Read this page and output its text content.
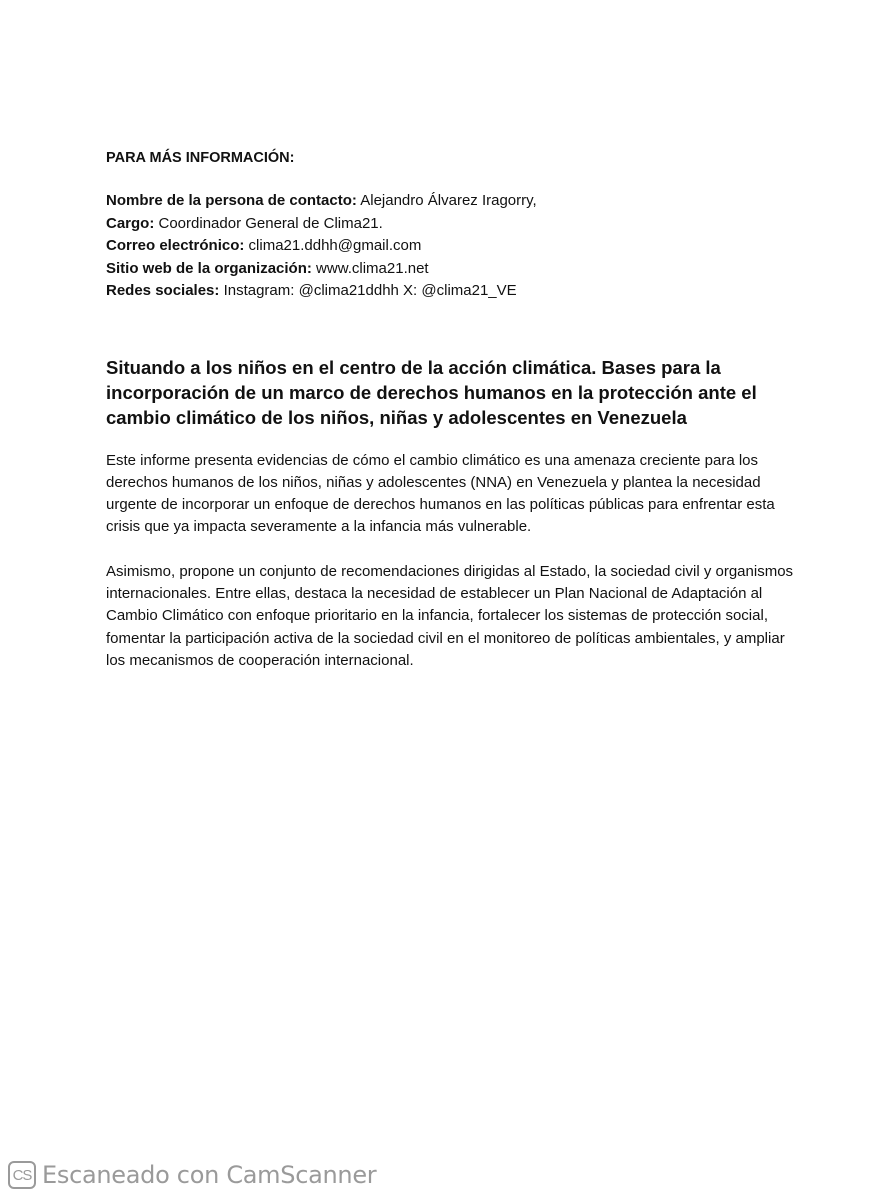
PARA MÁS INFORMACIÓN:

Nombre de la persona de contacto: Alejandro Álvarez Iragorry,

Cargo: Coordinador General de Clima21.

Correo electrónico: clima21.ddhh@gmail.com

Sitio web de la organización: www.clima21.net

Redes sociales: Instagram: @clima21ddhh X: @clima21_VE

Situando a los niños en el centro de la acción climática. Bases para la incorporación de un marco de derechos humanos en la protección ante el cambio climático de los niños, niñas y adolescentes en Venezuela

Este informe presenta evidencias de cómo el cambio climático es una amenaza creciente para los derechos humanos de los niños, niñas y adolescentes (NNA) en Venezuela y plantea la necesidad urgente de incorporar un enfoque de derechos humanos en las políticas públicas para enfrentar esta crisis que ya impacta severamente a la infancia más vulnerable.

Asimismo, propone un conjunto de recomendaciones dirigidas al Estado, la sociedad civil y organismos internacionales. Entre ellas, destaca la necesidad de establecer un Plan Nacional de Adaptación al Cambio Climático con enfoque prioritario en la infancia, fortalecer los sistemas de protección social, fomentar la participación activa de la sociedad civil en el monitoreo de políticas ambientales, y ampliar los mecanismos de cooperación internacional.

CS Escaneado con CamScanner
